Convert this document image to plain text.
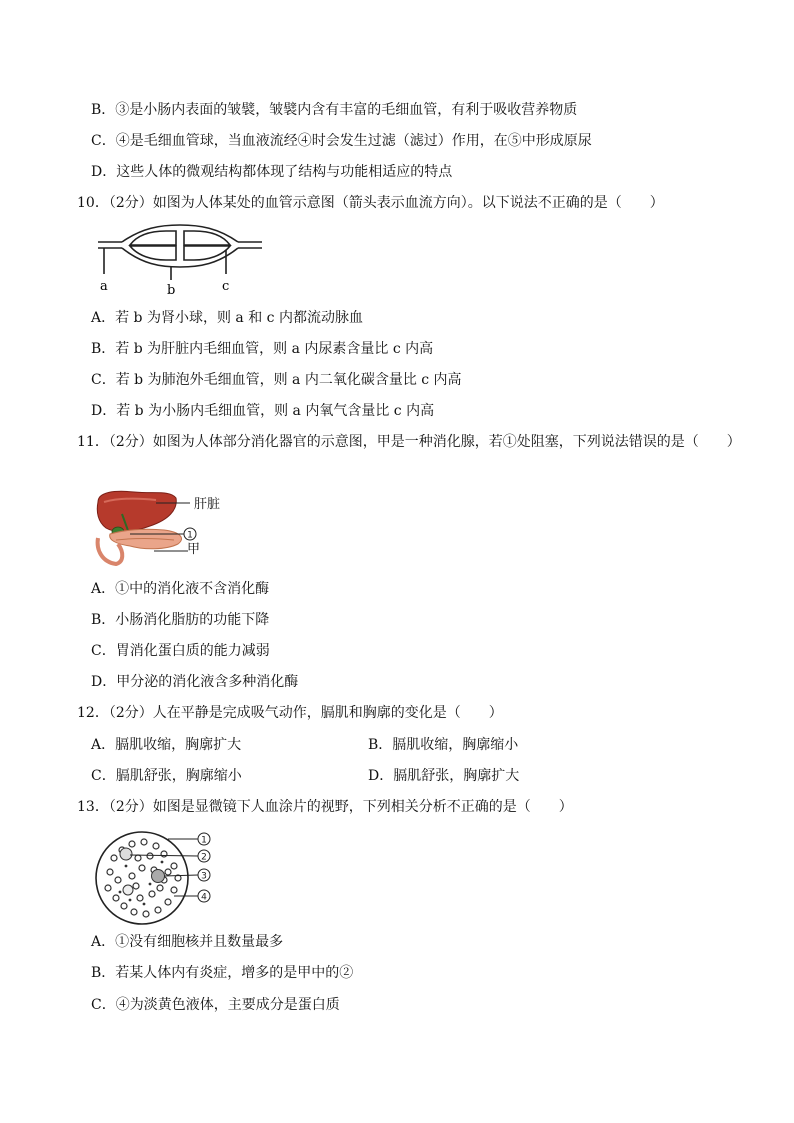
B．③是小肠内表面的皱襞，皱襞内含有丰富的毛细血管，有利于吸收营养物质
C．④是毛细血管球，当血液流经④时会发生过滤（滤过）作用，在⑤中形成原尿
D．这些人体的微观结构都体现了结构与功能相适应的特点
10．（2分）如图为人体某处的血管示意图（箭头表示血流方向）。以下说法不正确的是（　　）
a	b	c
A．若 b 为肾小球，则 a 和 c 内都流动脉血
B．若 b 为肝脏内毛细血管，则 a 内尿素含量比 c 内高
C．若 b 为肺泡外毛细血管，则 a 内二氧化碳含量比 c 内高
D．若 b 为小肠内毛细血管，则 a 内氧气含量比 c 内高
11．（2分）如图为人体部分消化器官的示意图，甲是一种消化腺，若①处阻塞，下列说法错误的是（　　）
1
肝脏
甲
A．①中的消化液不含消化酶
B．小肠消化脂肪的功能下降
C．胃消化蛋白质的能力减弱
D．甲分泌的消化液含多种消化酶
12．（2分）人在平静是完成吸气动作，膈肌和胸廓的变化是（　　）
A．膈肌收缩，胸廓扩大	B．膈肌收缩，胸廓缩小
C．膈肌舒张，胸廓缩小	D．膈肌舒张，胸廓扩大
13．（2分）如图是显微镜下人血涂片的视野，下列相关分析不正确的是（　　）
1
2
3
4
A．①没有细胞核并且数量最多
B．若某人体内有炎症，增多的是甲中的②
C．④为淡黄色液体，主要成分是蛋白质
